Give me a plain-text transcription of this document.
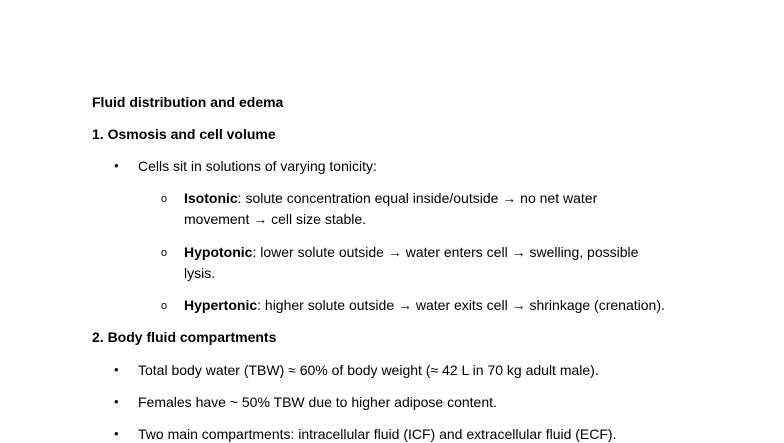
Fluid distribution and edema
1. Osmosis and cell volume
• Cells sit in solutions of varying tonicity:
o Isotonic: solute concentration equal inside/outside → no net water
movement → cell size stable.
o Hypotonic: lower solute outside → water enters cell → swelling, possible
lysis.
o Hypertonic: higher solute outside → water exits cell → shrinkage (crenation).
2. Body fluid compartments
• Total body water (TBW) ≈ 60% of body weight (≈ 42 L in 70 kg adult male).
• Females have ~ 50% TBW due to higher adipose content.
• Two main compartments: intracellular fluid (ICF) and extracellular fluid (ECF).
